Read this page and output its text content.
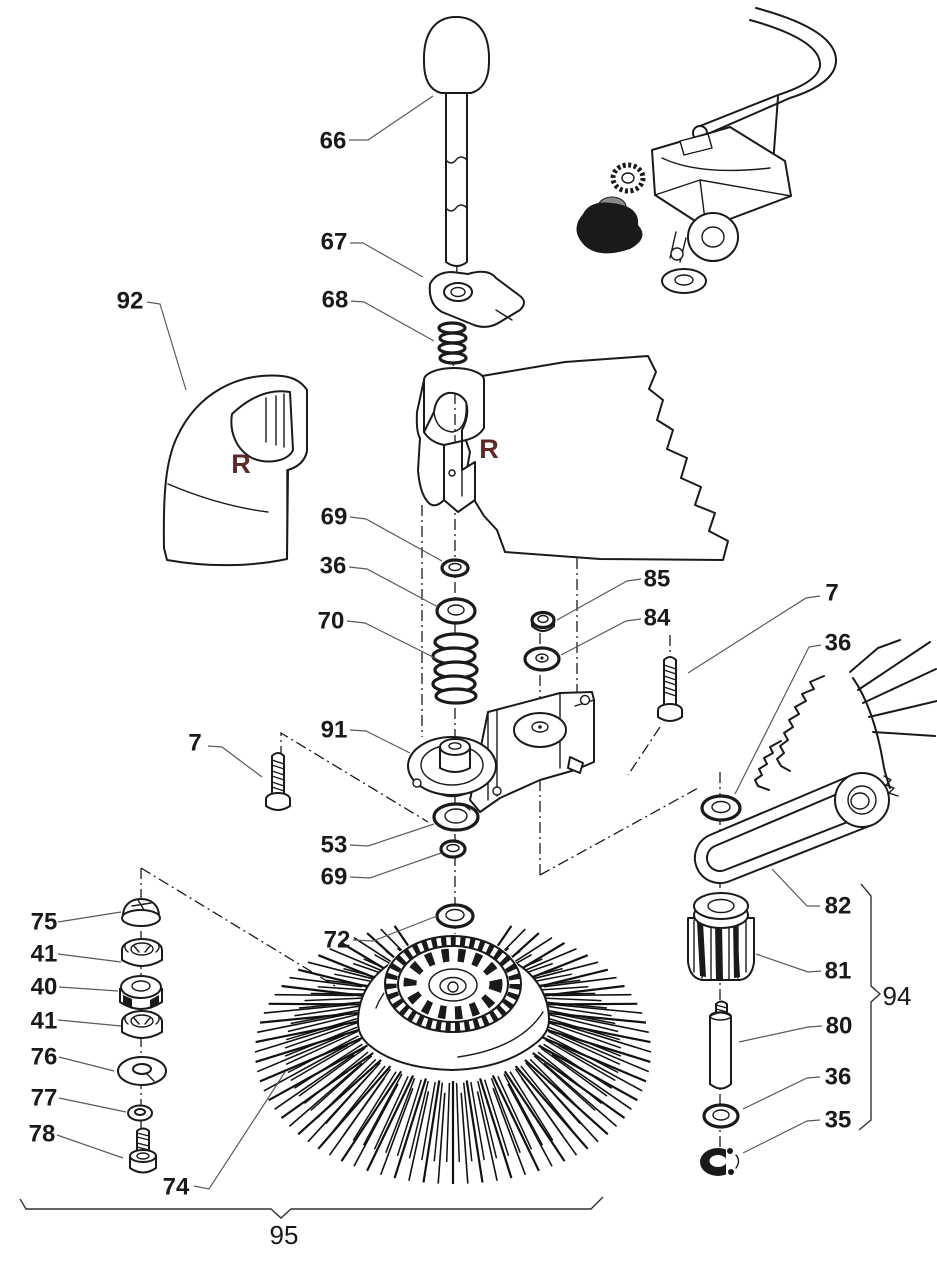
R
R
94
95
66
67
68
92
69
36
70
91
85
84
7
36
7
53
69
72
75
41
40
41
76
77
78
74
82
81
80
36
35
